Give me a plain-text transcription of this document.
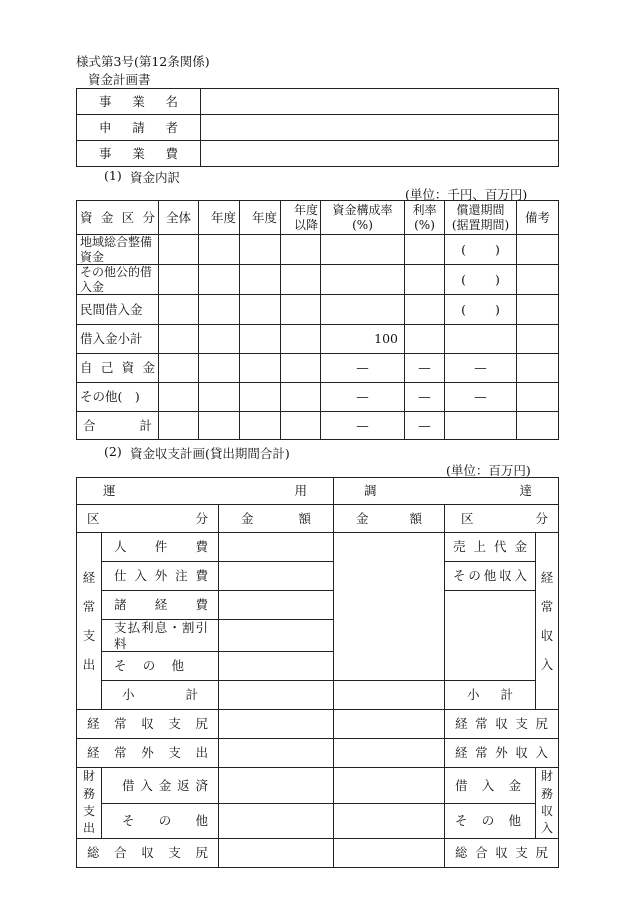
様式第3号(第12条関係)
資金計画書
事業名	
申請者	
事業費	
(1) 資金内訳
(単位：千円、百万円)
資金区分	全体	年度	年度	年度以降	資金構成率(%)	利率(%)	償還期間(据置期間)	備考
地域総合整備資金							(　　 )	
その他公的借入金							(　　 )	
民間借入金							(　　 )	
借入金小計					100			
自己資金					—	—	—	
その他(　)					—	—	—	
合計					—	—		
(2) 資金収支計画(貸出期間合計)
(単位：百万円)
運用			調達		
区分		金額	金額	区分	
経常支出	人件費			売上代金	経常収入
	仕入外注費			その他収入	
	諸経費				
	支払利息・割引料				
	その他				
	小計			小計	
経常収支尻				経常収支尻	
経常外支出				経常外収入	
財務支出	借入金返済			借入金	財務収入
	その他			その他	
総合収支尻				総合収支尻	
